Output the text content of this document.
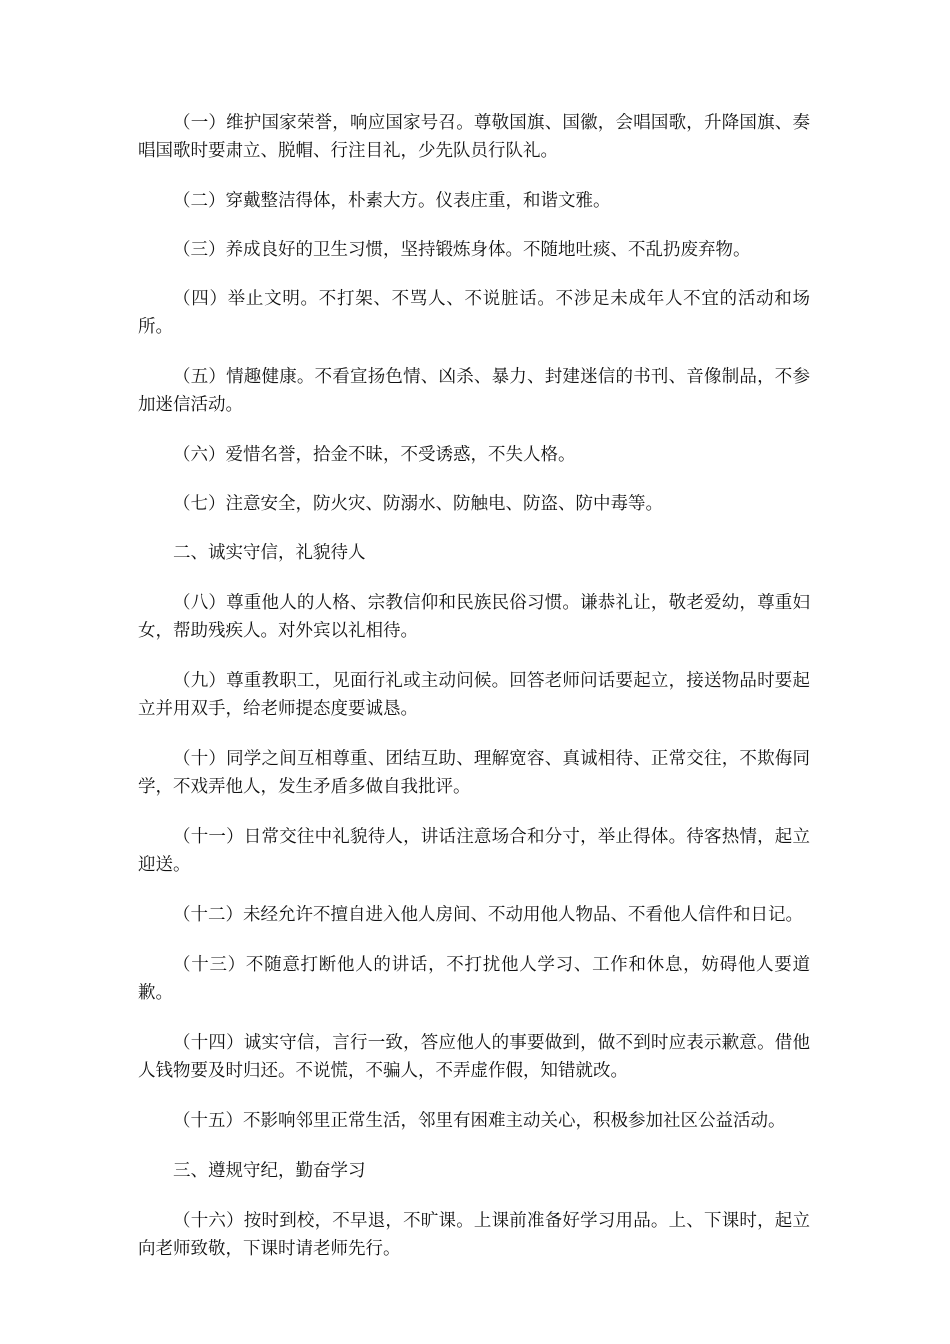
（一）维护国家荣誉，响应国家号召。尊敬国旗、国徽，会唱国歌，升降国旗、奏唱国歌时要肃立、脱帽、行注目礼，少先队员行队礼。

（二）穿戴整洁得体，朴素大方。仪表庄重，和谐文雅。

（三）养成良好的卫生习惯，坚持锻炼身体。不随地吐痰、不乱扔废弃物。

（四）举止文明。不打架、不骂人、不说脏话。不涉足未成年人不宜的活动和场所。

（五）情趣健康。不看宣扬色情、凶杀、暴力、封建迷信的书刊、音像制品，不参加迷信活动。

（六）爱惜名誉，拾金不昧，不受诱惑，不失人格。

（七）注意安全，防火灾、防溺水、防触电、防盗、防中毒等。

二、诚实守信，礼貌待人

（八）尊重他人的人格、宗教信仰和民族民俗习惯。谦恭礼让，敬老爱幼，尊重妇女，帮助残疾人。对外宾以礼相待。

（九）尊重教职工，见面行礼或主动问候。回答老师问话要起立，接送物品时要起立并用双手，给老师提态度要诚恳。

（十）同学之间互相尊重、团结互助、理解宽容、真诚相待、正常交往，不欺侮同学，不戏弄他人，发生矛盾多做自我批评。

（十一）日常交往中礼貌待人，讲话注意场合和分寸，举止得体。待客热情，起立迎送。

（十二）未经允许不擅自进入他人房间、不动用他人物品、不看他人信件和日记。

（十三）不随意打断他人的讲话，不打扰他人学习、工作和休息，妨碍他人要道歉。

（十四）诚实守信，言行一致，答应他人的事要做到，做不到时应表示歉意。借他人钱物要及时归还。不说慌，不骗人，不弄虚作假，知错就改。

（十五）不影响邻里正常生活，邻里有困难主动关心，积极参加社区公益活动。

三、遵规守纪，勤奋学习

（十六）按时到校，不早退，不旷课。上课前准备好学习用品。上、下课时，起立向老师致敬，下课时请老师先行。
